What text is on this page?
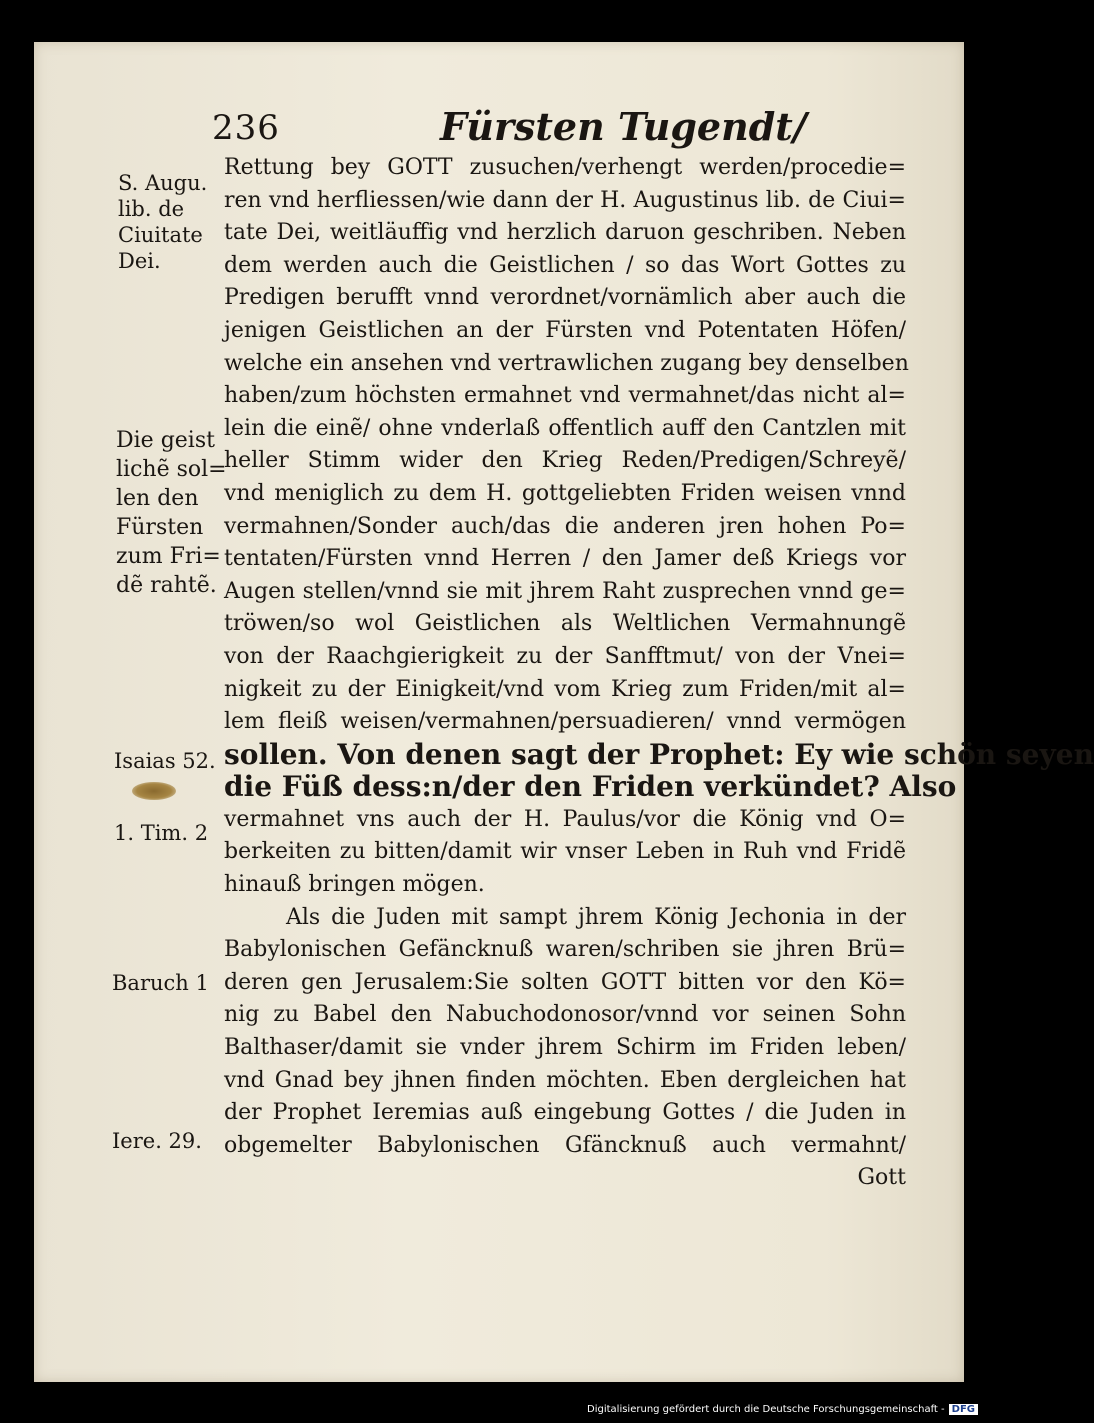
236	Fürsten Tugendt/
S. Augu.
lib. de
Ciuitate
Dei.
Die geist
lichẽ sol=
len den
Fürsten
zum Fri=
dẽ rahtẽ.
Isaias 52.
1. Tim. 2
Baruch 1
Iere. 29.
Rettung bey GOTT zusuchen/verhengt werden/procedie=
ren vnd herfliessen/wie dann der H. Augustinus lib. de Ciui=
tate Dei, weitläuffig vnd herzlich daruon geschriben. Neben
dem werden auch die Geistlichen / so das Wort Gottes zu
Predigen berufft vnnd verordnet/vornämlich aber auch die
jenigen Geistlichen an der Fürsten vnd Potentaten Höfen/
welche ein ansehen vnd vertrawlichen zugang bey denselben
haben/zum höchsten ermahnet vnd vermahnet/das nicht al=
lein die einẽ/ ohne vnderlaß offentlich auff den Cantzlen mit
heller Stimm wider den Krieg Reden/Predigen/Schreyẽ/
vnd meniglich zu dem H. gottgeliebten Friden weisen vnnd
vermahnen/Sonder auch/das die anderen jren hohen Po=
tentaten/Fürsten vnnd Herren / den Jamer deß Kriegs vor
Augen stellen/vnnd sie mit jhrem Raht zusprechen vnnd ge=
tröwen/so wol Geistlichen als Weltlichen Vermahnungẽ
von der Raachgierigkeit zu der Sanfftmut/ von der Vnei=
nigkeit zu der Einigkeit/vnd vom Krieg zum Friden/mit al=
lem fleiß weisen/vermahnen/persuadieren/ vnnd vermögen
sollen. Von denen sagt der Prophet: Ey wie schön seyen
die Füß dess:n/der den Friden verkündet? Also
vermahnet vns auch der H. Paulus/vor die König vnd O=
berkeiten zu bitten/damit wir vnser Leben in Ruh vnd Fridẽ
hinauß bringen mögen.
Als die Juden mit sampt jhrem König Jechonia in der
Babylonischen Gefäncknuß waren/schriben sie jhren Brü=
deren gen Jerusalem:Sie solten GOTT bitten vor den Kö=
nig zu Babel den Nabuchodonosor/vnnd vor seinen Sohn
Balthaser/damit sie vnder jhrem Schirm im Friden leben/
vnd Gnad bey jhnen finden möchten. Eben dergleichen hat
der Prophet Ieremias auß eingebung Gottes / die Juden in
obgemelter Babylonischen Gfäncknuß auch vermahnt/
Gott
Digitalisierung gefördert durch die Deutsche Forschungsgemeinschaft - DFG
